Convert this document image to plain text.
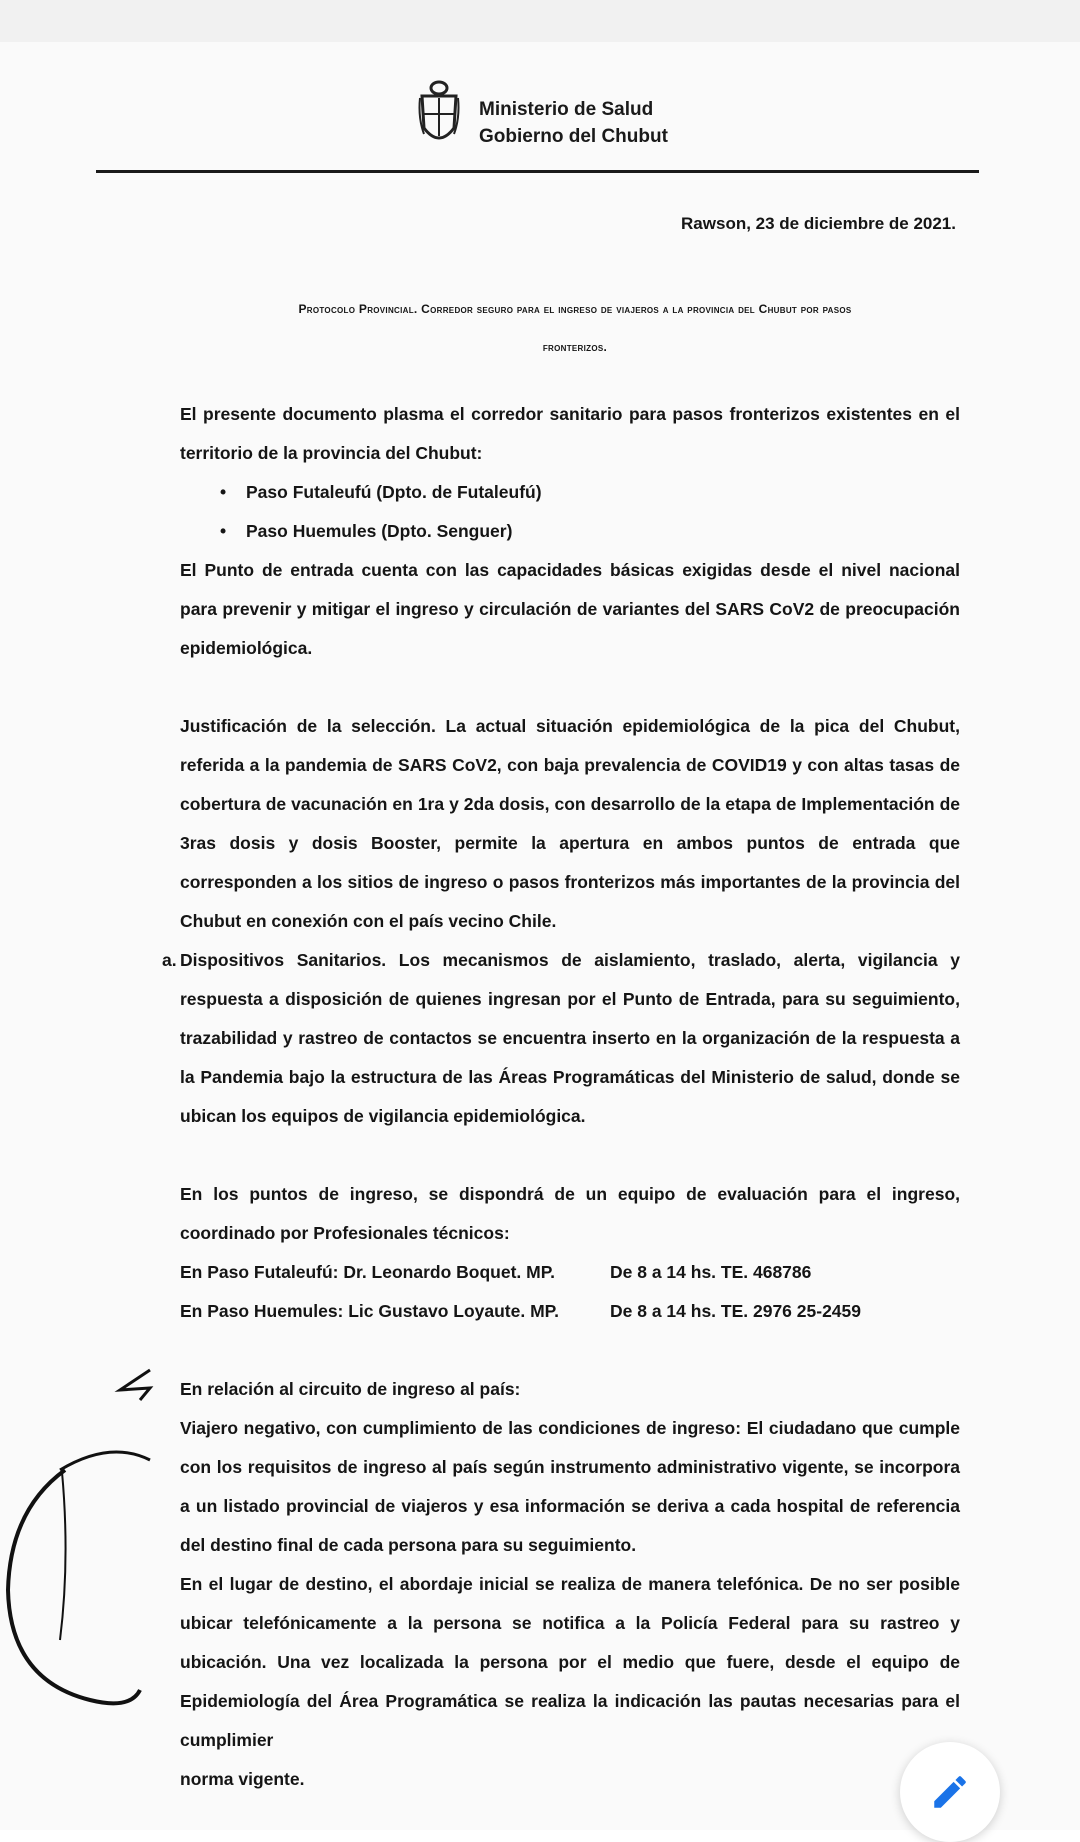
Ministerio de Salud
Gobierno del Chubut
Rawson, 23 de diciembre de 2021.
Protocolo Provincial. Corredor seguro para el ingreso de viajeros a la provincia del Chubut por pasos
fronterizos.

El presente documento plasma el corredor sanitario para pasos fronterizos existentes en el territorio de la provincia del Chubut:

• Paso Futaleufú (Dpto. de Futaleufú)
• Paso Huemules (Dpto. Senguer)

El Punto de entrada cuenta con las capacidades básicas exigidas desde el nivel nacional para prevenir y mitigar el ingreso y circulación de variantes del SARS CoV2 de preocupación epidemiológica.

Justificación de la selección. La actual situación epidemiológica de la pica del Chubut, referida a la pandemia de SARS CoV2, con baja prevalencia de COVID19 y con altas tasas de cobertura de vacunación en 1ra y 2da dosis, con desarrollo de la etapa de Implementación de 3ras dosis y dosis Booster, permite la apertura en ambos puntos de entrada que corresponden a los sitios de ingreso o pasos fronterizos más importantes de la provincia del Chubut en conexión con el país vecino Chile.

a. Dispositivos Sanitarios. Los mecanismos de aislamiento, traslado, alerta, vigilancia y respuesta a disposición de quienes ingresan por el Punto de Entrada, para su seguimiento, trazabilidad y rastreo de contactos se encuentra inserto en la organización de la respuesta a la Pandemia bajo la estructura de las Áreas Programáticas del Ministerio de salud, donde se ubican los equipos de vigilancia epidemiológica.

En los puntos de ingreso, se dispondrá de un equipo de evaluación para el ingreso, coordinado por Profesionales técnicos:

En Paso Futaleufú: Dr. Leonardo Boquet. MP.	De 8 a 14 hs. TE. 468786
En Paso Huemules: Lic Gustavo Loyaute. MP.	De 8 a 14 hs. TE. 2976 25-2459

En relación al circuito de ingreso al país:

Viajero negativo, con cumplimiento de las condiciones de ingreso: El ciudadano que cumple con los requisitos de ingreso al país según instrumento administrativo vigente, se incorpora a un listado provincial de viajeros y esa información se deriva a cada hospital de referencia del destino final de cada persona para su seguimiento.

En el lugar de destino, el abordaje inicial se realiza de manera telefónica. De no ser posible ubicar telefónicamente a la persona se notifica a la Policía Federal para su rastreo y ubicación. Una vez localizada la persona por el medio que fuere, desde el equipo de Epidemiología del Área Programática se realiza la indicación las pautas necesarias para el cumplimier

norma vigente.
